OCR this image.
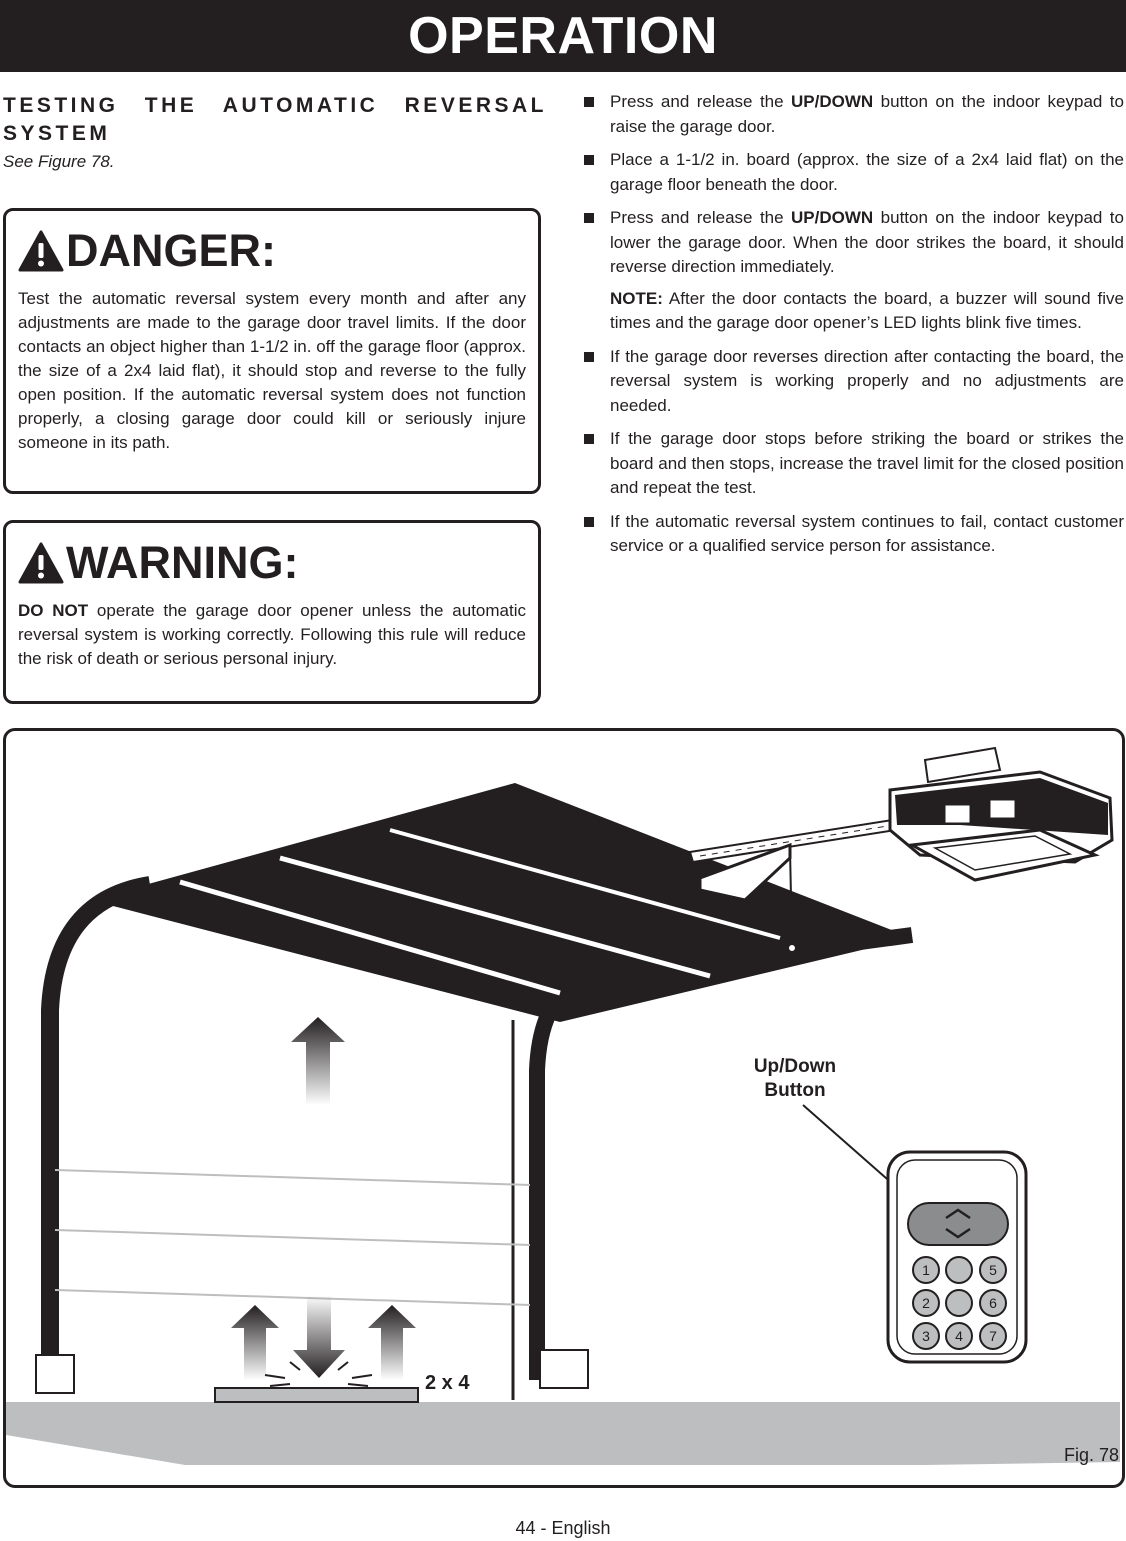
OPERATION
TESTING THE AUTOMATIC REVERSAL SYSTEM
See Figure 78.
DANGER:
Test the automatic reversal system every month and after any adjustments are made to the garage door travel limits. If the door contacts an object higher than 1-1/2 in. off the garage floor (approx. the size of a 2x4 laid flat), it should stop and reverse to the fully open position. If the automatic reversal system does not function properly, a closing garage door could kill or seriously injure someone in its path.
WARNING:
DO NOT operate the garage door opener unless the automatic reversal system is working correctly. Following this rule will reduce the risk of death or serious personal injury.
Press and release the UP/DOWN button on the indoor keypad to raise the garage door.
Place a 1-1/2 in. board (approx. the size of a 2x4 laid flat) on the garage floor beneath the door.
Press and release the UP/DOWN button on the indoor keypad to lower the garage door. When the door strikes the board, it should reverse direction immediately.
NOTE: After the door contacts the board, a buzzer will sound five times and the garage door opener’s LED lights blink five times.
If the garage door reverses direction after contacting the board, the reversal system is working properly and no adjustments are needed.
If the garage door stops before striking the board or strikes the board and then stops, increase the travel limit for the closed position and repeat the test.
If the automatic reversal system continues to fail, contact customer service or a qualified service person for assistance.
1	5
2	6
3	4	7
Up/Down
Button
2 x 4
Fig. 78
44 - English
